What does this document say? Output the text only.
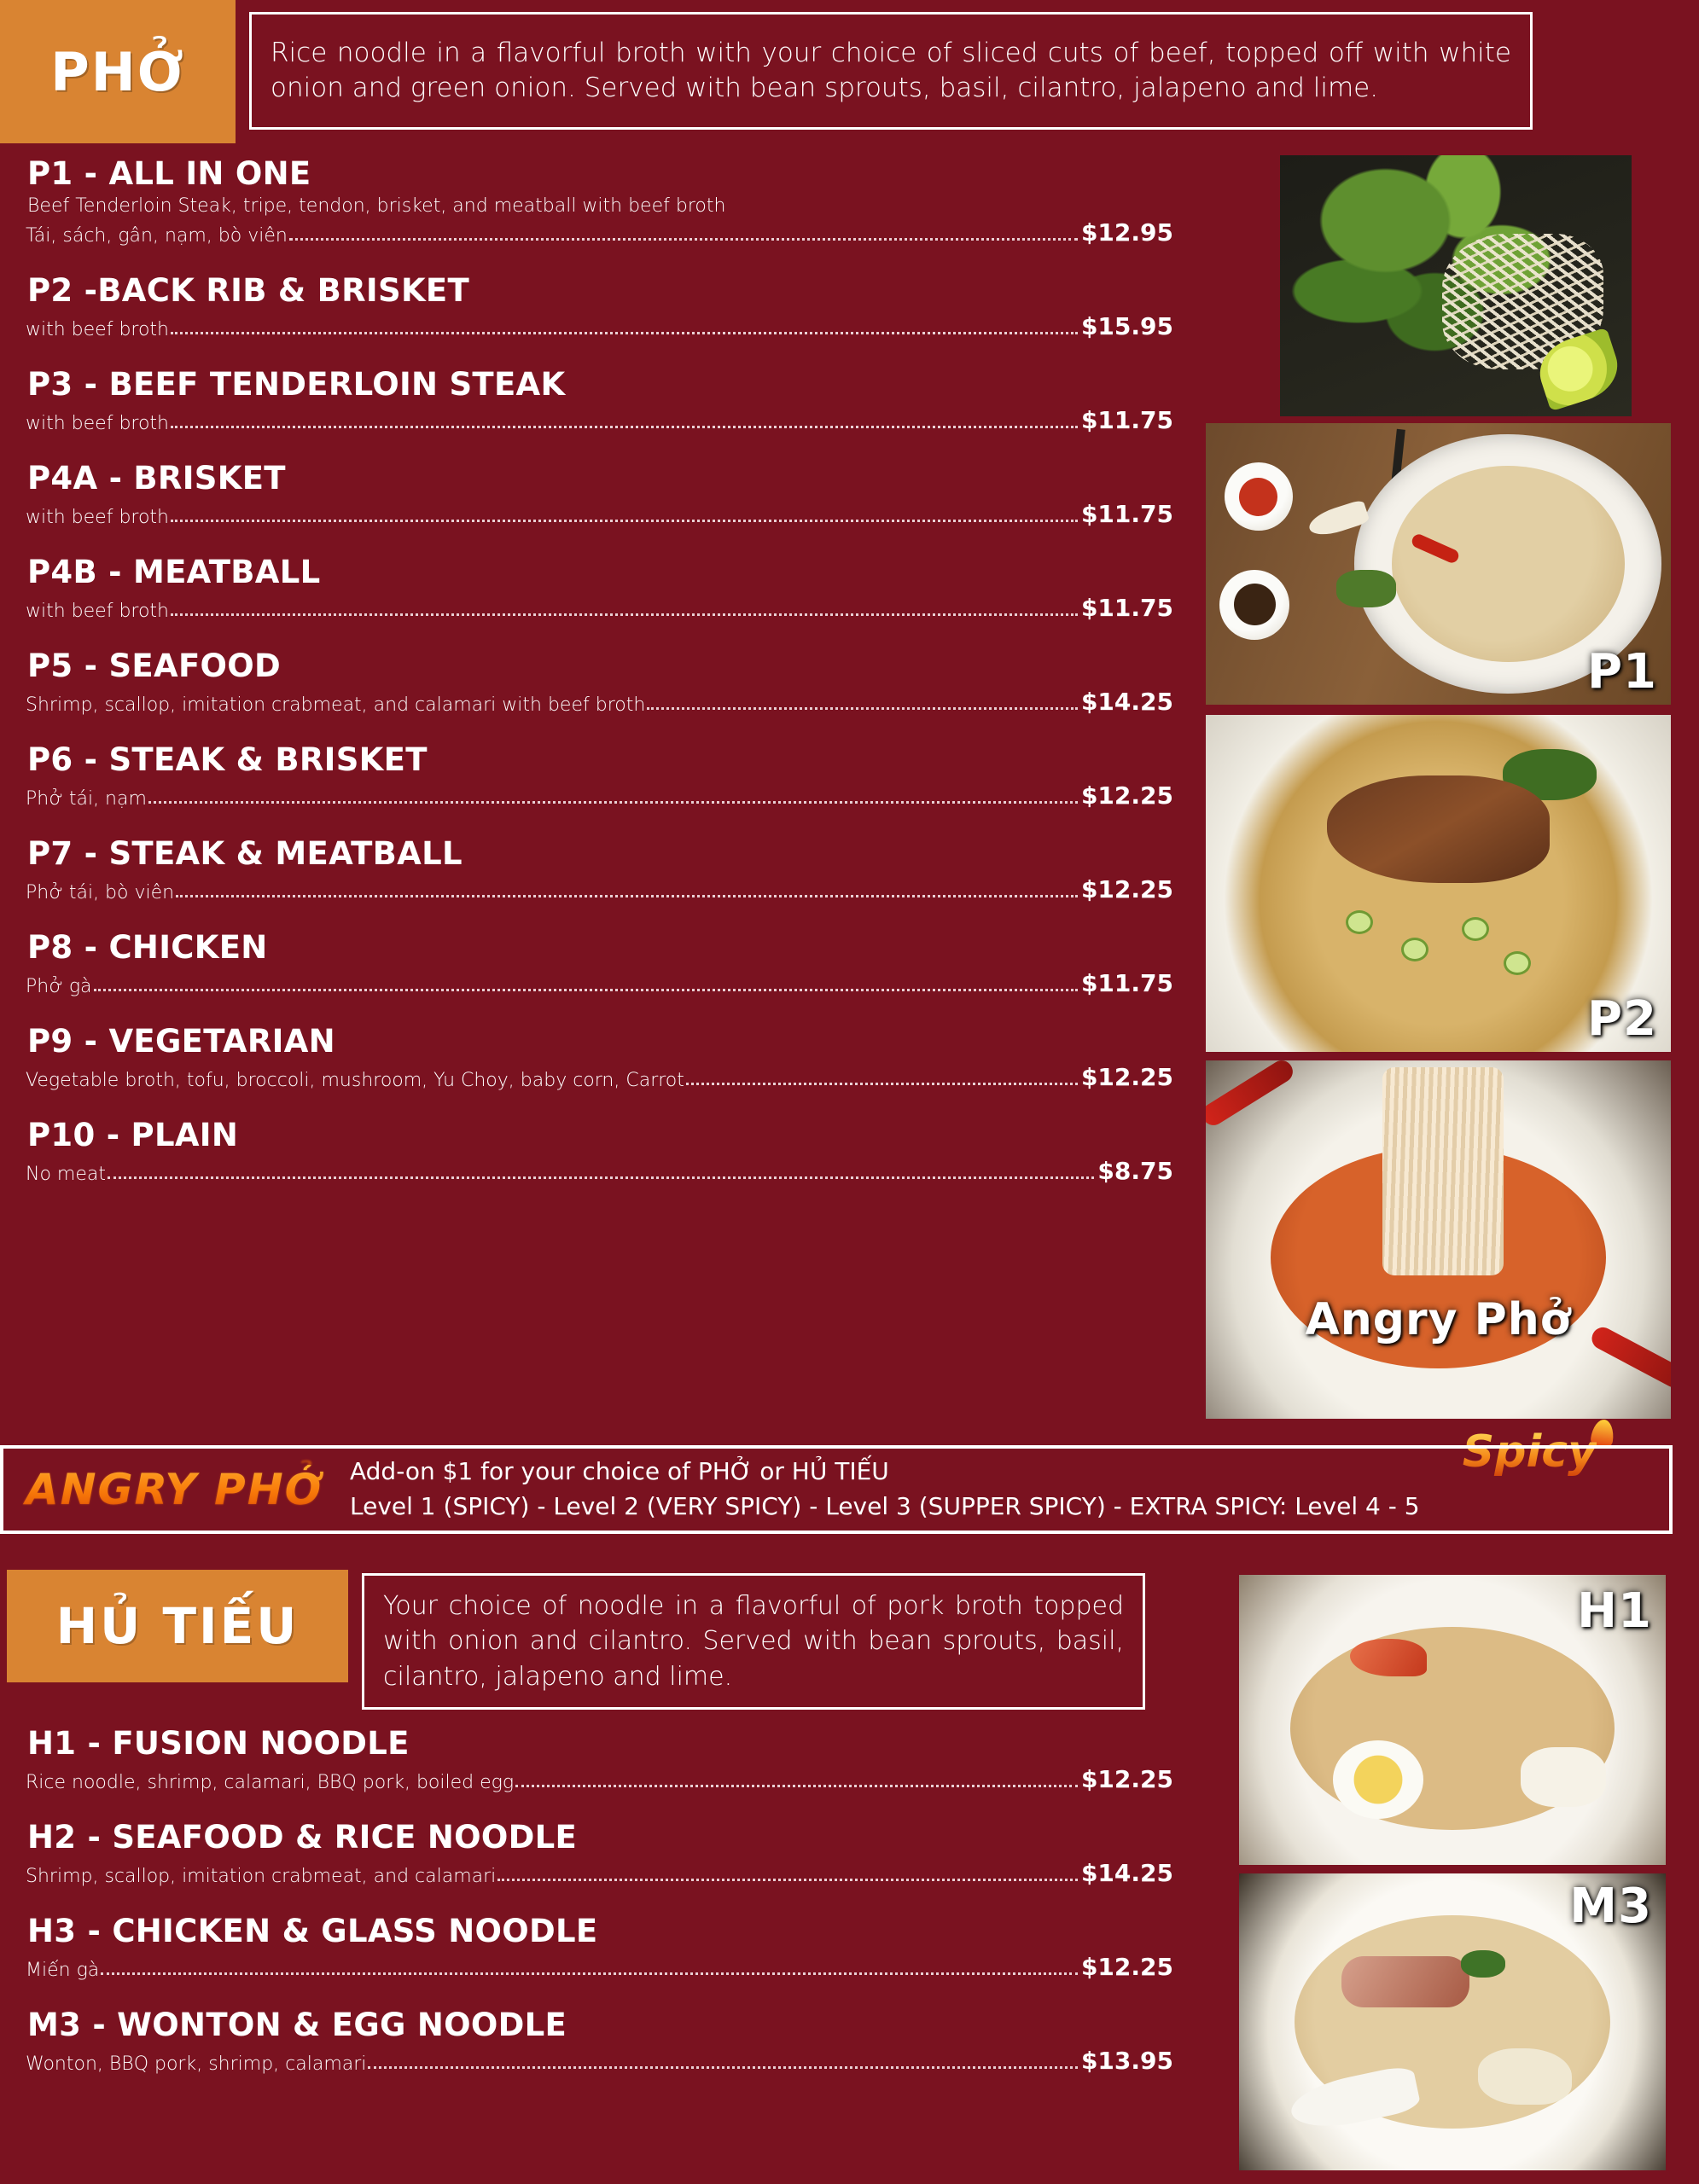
PHỞ	Rice noodle in a flavorful broth with your choice of sliced cuts of beef, topped off with white onion and green onion. Served with bean sprouts, basil, cilantro, jalapeno and lime.

P1 - ALL IN ONE
Beef Tenderloin Steak, tripe, tendon, brisket, and meatball with beef broth
Tái, sách, gân, nạm, bò viên	$12.95
P2 -BACK RIB & BRISKET
with beef broth	$15.95
P3 - BEEF TENDERLOIN STEAK
with beef broth	$11.75
P4A - BRISKET
with beef broth	$11.75
P4B - MEATBALL
with beef broth	$11.75
P5 - SEAFOOD
Shrimp, scallop, imitation crabmeat, and calamari with beef broth	$14.25
P6 - STEAK & BRISKET
Phở tái, nạm	$12.25
P7 - STEAK & MEATBALL
Phở tái, bò viên	$12.25
P8 - CHICKEN
Phở gà	$11.75
P9 - VEGETARIAN
Vegetable broth, tofu, broccoli, mushroom, Yu Choy, baby corn, Carrot	$12.25
P10 - PLAIN
No meat	$8.75
P1
P2
Angry Phở
Spicy
ANGRY PHỞ	Add-on $1 for your choice of PHỞ or HỦ TIẾU
Level 1 (SPICY) - Level 2 (VERY SPICY) - Level 3 (SUPPER SPICY) - EXTRA SPICY: Level 4 - 5
HỦ TIẾU	Your choice of noodle in a flavorful of pork broth topped with onion and cilantro. Served with bean sprouts, basil, cilantro, jalapeno and lime.

H1 - FUSION NOODLE
Rice noodle, shrimp, calamari, BBQ pork, boiled egg	$12.25
H2 - SEAFOOD & RICE NOODLE
Shrimp, scallop, imitation crabmeat, and calamari	$14.25
H3 - CHICKEN & GLASS NOODLE
Miến gà	$12.25
M3 - WONTON & EGG NOODLE
Wonton, BBQ pork, shrimp, calamari	$13.95
H1
M3
